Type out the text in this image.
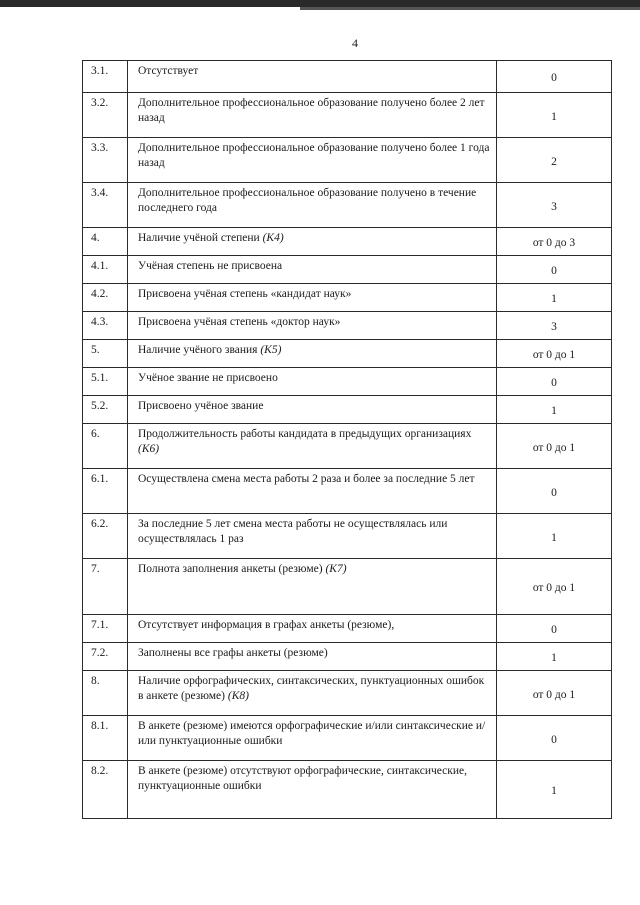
4
3.1.	Отсутствует	0
3.2.	Дополнительное профессиональное образование получено более 2 лет назад	1
3.3.	Дополнительное профессиональное образование получено более 1 года назад	2
3.4.	Дополнительное профессиональное образование получено в течение последнего года	3
4.	Наличие учёной степени (K4)	от 0 до 3
4.1.	Учёная степень не присвоена	0
4.2.	Присвоена учёная степень «кандидат наук»	1
4.3.	Присвоена учёная степень «доктор наук»	3
5.	Наличие учёного звания (K5)	от 0 до 1
5.1.	Учёное звание не присвоено	0
5.2.	Присвоено учёное звание	1
6.	Продолжительность работы кандидата в предыдущих организациях (K6)	от 0 до 1
6.1.	Осуществлена смена места работы 2 раза и более за последние 5 лет	0
6.2.	За последние 5 лет смена места работы не осуществлялась или осуществлялась 1 раз	1
7.	Полнота заполнения анкеты (резюме) (K7)	от 0 до 1
7.1.	Отсутствует информация в графах анкеты (резюме),	0
7.2.	Заполнены все графы анкеты (резюме)	1
8.	Наличие орфографических, синтаксических, пунктуационных ошибок в анкете (резюме) (K8)	от 0 до 1
8.1.	В анкете (резюме) имеются орфографические и/или синтаксические и/или пунктуационные ошибки	0
8.2.	В анкете (резюме) отсутствуют орфографические, синтаксические, пунктуационные ошибки	1
